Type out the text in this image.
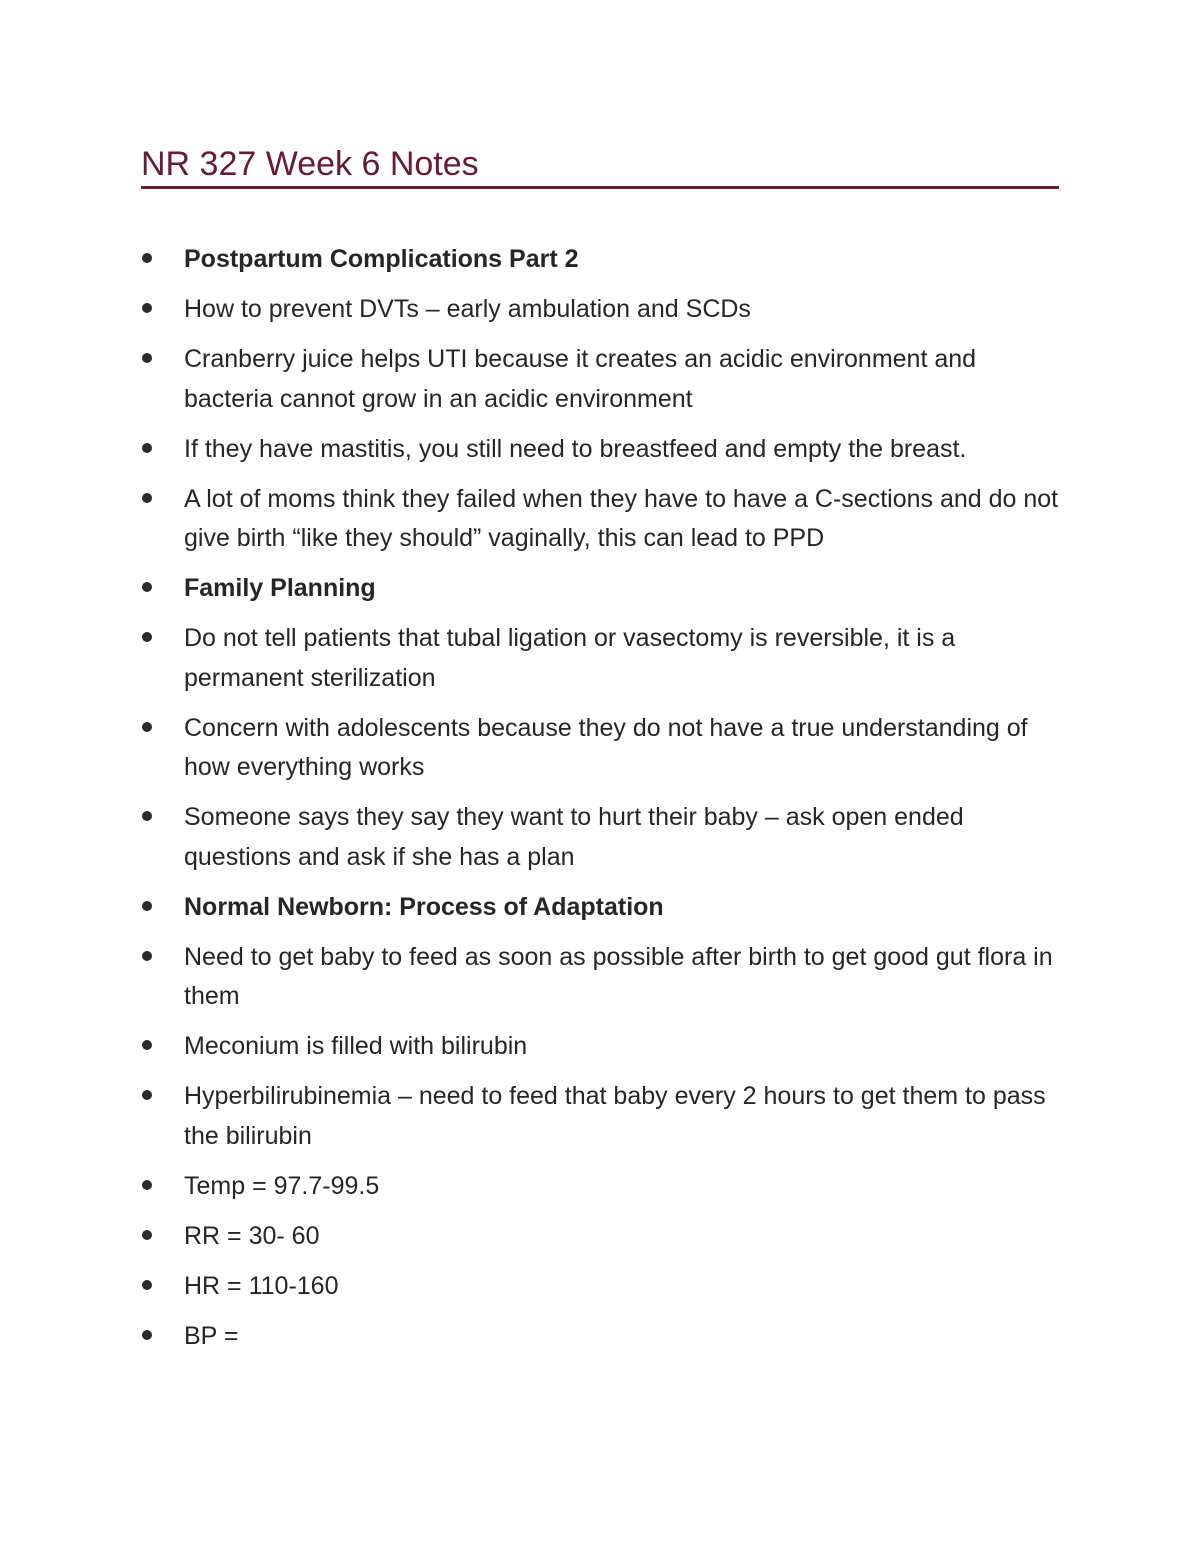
NR 327 Week 6 Notes
Postpartum Complications Part 2
How to prevent DVTs – early ambulation and SCDs
Cranberry juice helps UTI because it creates an acidic environment and bacteria cannot grow in an acidic environment
If they have mastitis, you still need to breastfeed and empty the breast.
A lot of moms think they failed when they have to have a C-sections and do not give birth “like they should” vaginally, this can lead to PPD
Family Planning
Do not tell patients that tubal ligation or vasectomy is reversible, it is a permanent sterilization
Concern with adolescents because they do not have a true understanding of how everything works
Someone says they say they want to hurt their baby – ask open ended questions and ask if she has a plan
Normal Newborn: Process of Adaptation
Need to get baby to feed as soon as possible after birth to get good gut flora in them
Meconium is filled with bilirubin
Hyperbilirubinemia – need to feed that baby every 2 hours to get them to pass the bilirubin
Temp = 97.7-99.5
RR = 30- 60
HR = 110-160
BP =
